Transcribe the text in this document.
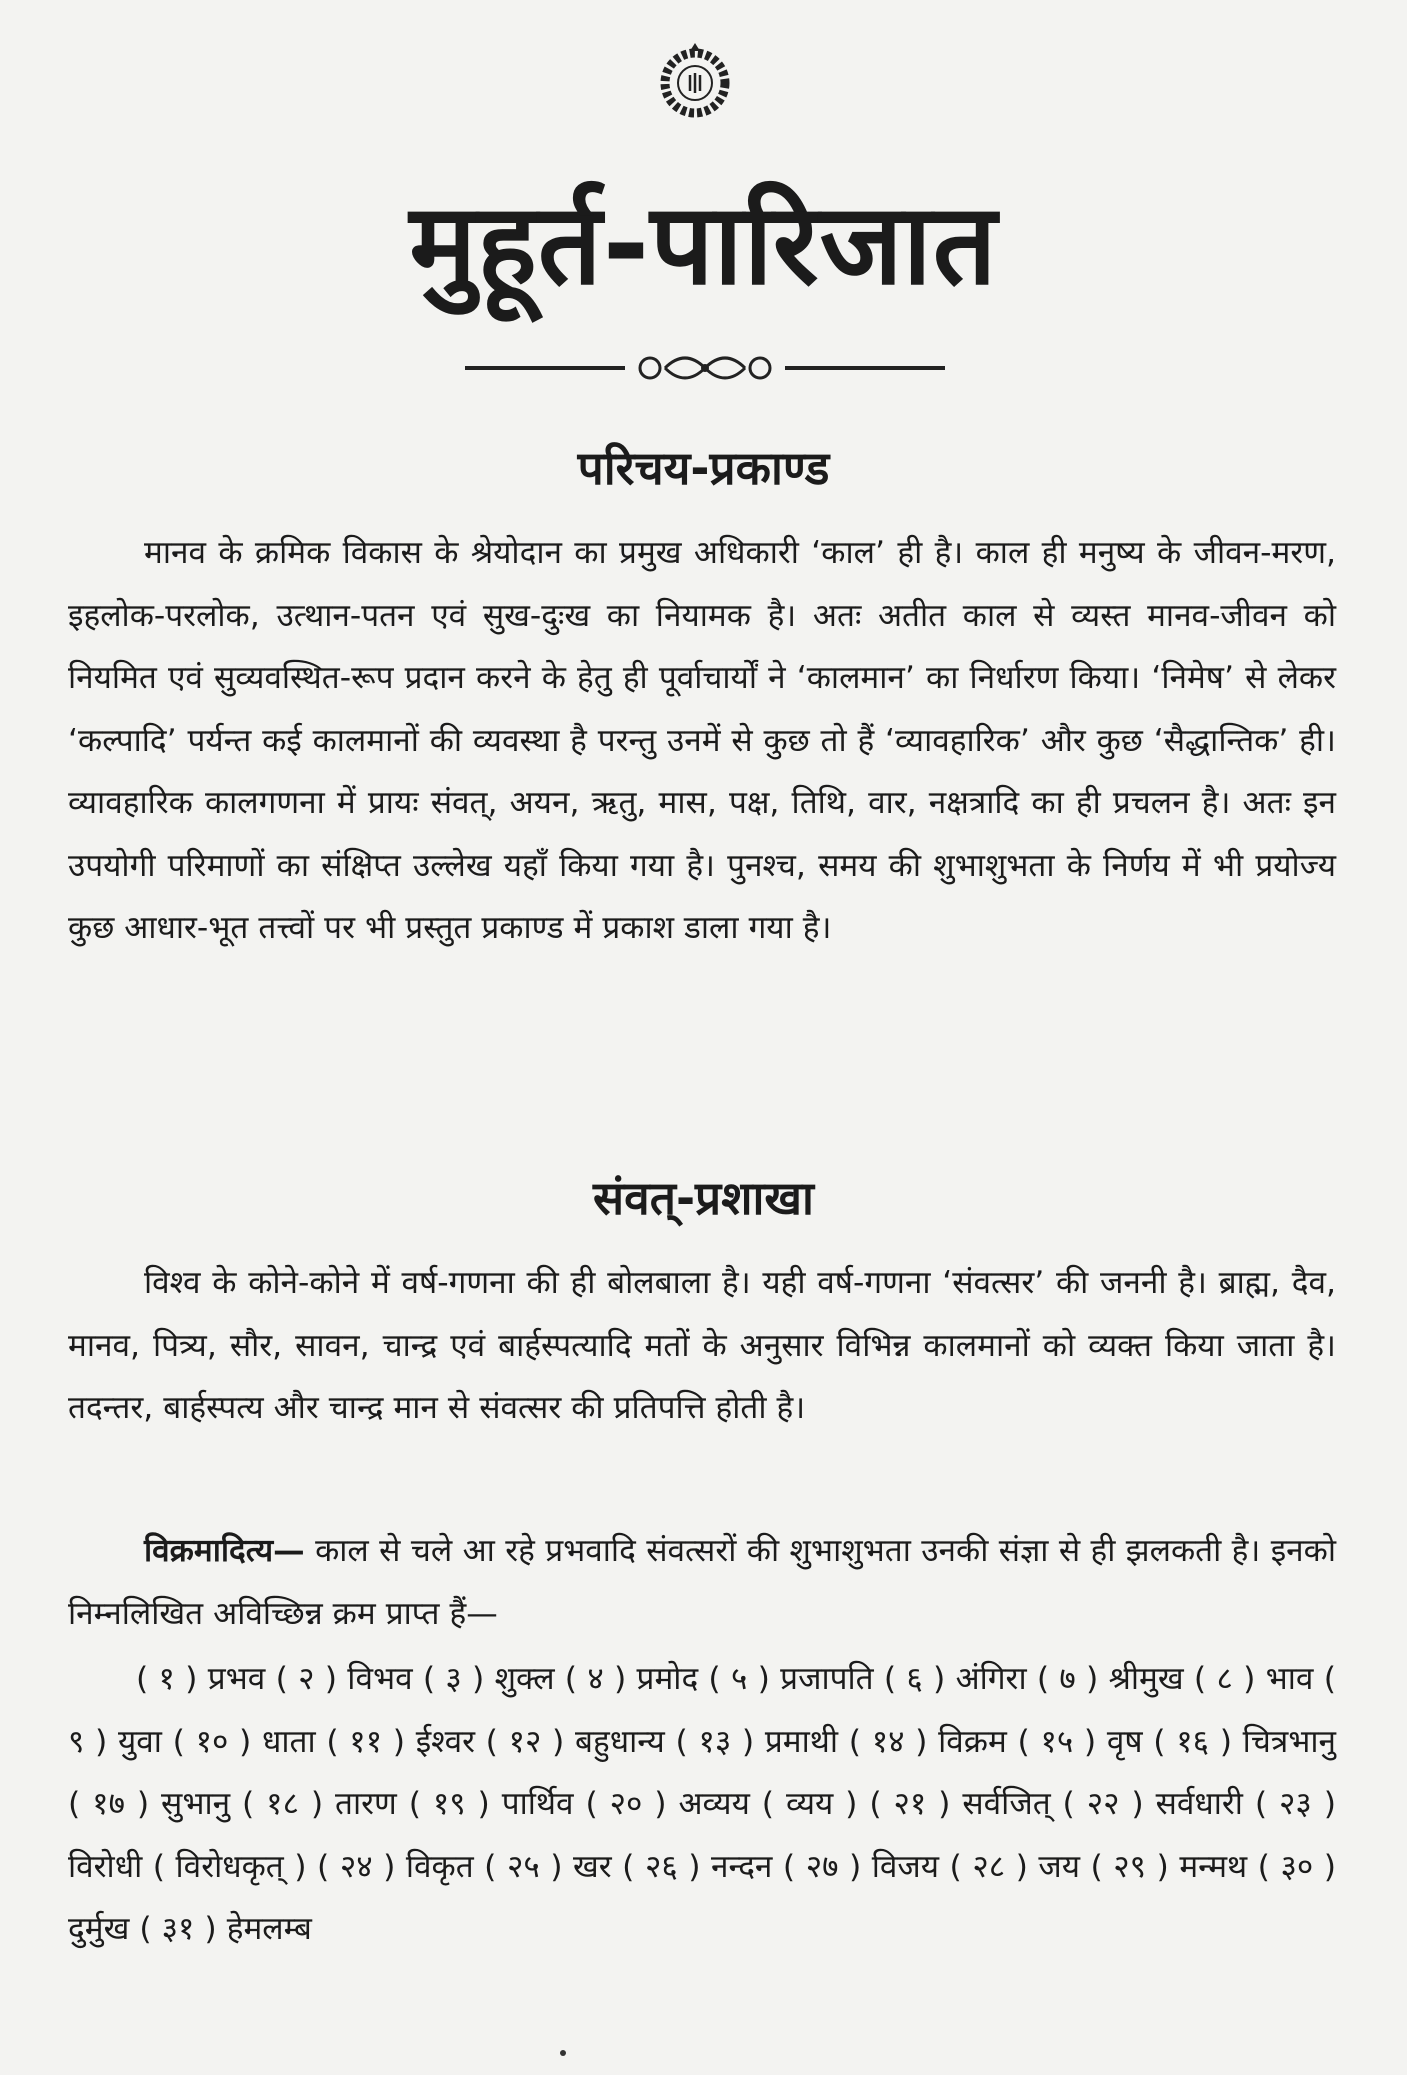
मुहूर्त-पारिजात
परिचय-प्रकाण्ड

मानव के क्रमिक विकास के श्रेयोदान का प्रमुख अधिकारी ‘काल’ ही है। काल ही मनुष्य के जीवन-मरण, इहलोक-परलोक, उत्थान-पतन एवं सुख-दुःख का नियामक है। अतः अतीत काल से व्यस्त मानव-जीवन को नियमित एवं सुव्यवस्थित-रूप प्रदान करने के हेतु ही पूर्वाचार्यों ने ‘कालमान’ का निर्धारण किया। ‘निमेष’ से लेकर ‘कल्पादि’ पर्यन्त कई कालमानों की व्यवस्था है परन्तु उनमें से कुछ तो हैं ‘व्यावहारिक’ और कुछ ‘सैद्धान्तिक’ ही। व्यावहारिक कालगणना में प्रायः संवत्, अयन, ऋतु, मास, पक्ष, तिथि, वार, नक्षत्रादि का ही प्रचलन है। अतः इन उपयोगी परिमाणों का संक्षिप्त उल्लेख यहाँ किया गया है। पुनश्च, समय की शुभाशुभता के निर्णय में भी प्रयोज्य कुछ आधार-भूत तत्त्वों पर भी प्रस्तुत प्रकाण्ड में प्रकाश डाला गया है।

संवत्-प्रशाखा

विश्व के कोने-कोने में वर्ष-गणना की ही बोलबाला है। यही वर्ष-गणना ‘संवत्सर’ की जननी है। ब्राह्म, दैव, मानव, पित्र्य, सौर, सावन, चान्द्र एवं बार्हस्पत्यादि मतों के अनुसार विभिन्न कालमानों को व्यक्त किया जाता है। तदन्तर, बार्हस्पत्य और चान्द्र मान से संवत्सर की प्रतिपत्ति होती है।

विक्रमादित्य— काल से चले आ रहे प्रभवादि संवत्सरों की शुभाशुभता उनकी संज्ञा से ही झलकती है। इनको निम्नलिखित अविच्छिन्न क्रम प्राप्त हैं—

( १ ) प्रभव ( २ ) विभव ( ३ ) शुक्ल ( ४ ) प्रमोद ( ५ ) प्रजापति ( ६ ) अंगिरा ( ७ ) श्रीमुख ( ८ ) भाव ( ९ ) युवा ( १० ) धाता ( ११ ) ईश्वर ( १२ ) बहुधान्य ( १३ ) प्रमाथी ( १४ ) विक्रम ( १५ ) वृष ( १६ ) चित्रभानु ( १७ ) सुभानु ( १८ ) तारण ( १९ ) पार्थिव ( २० ) अव्यय ( व्यय ) ( २१ ) सर्वजित् ( २२ ) सर्वधारी ( २३ ) विरोधी ( विरोधकृत् ) ( २४ ) विकृत ( २५ ) खर ( २६ ) नन्दन ( २७ ) विजय ( २८ ) जय ( २९ ) मन्मथ ( ३० ) दुर्मुख ( ३१ ) हेमलम्ब
